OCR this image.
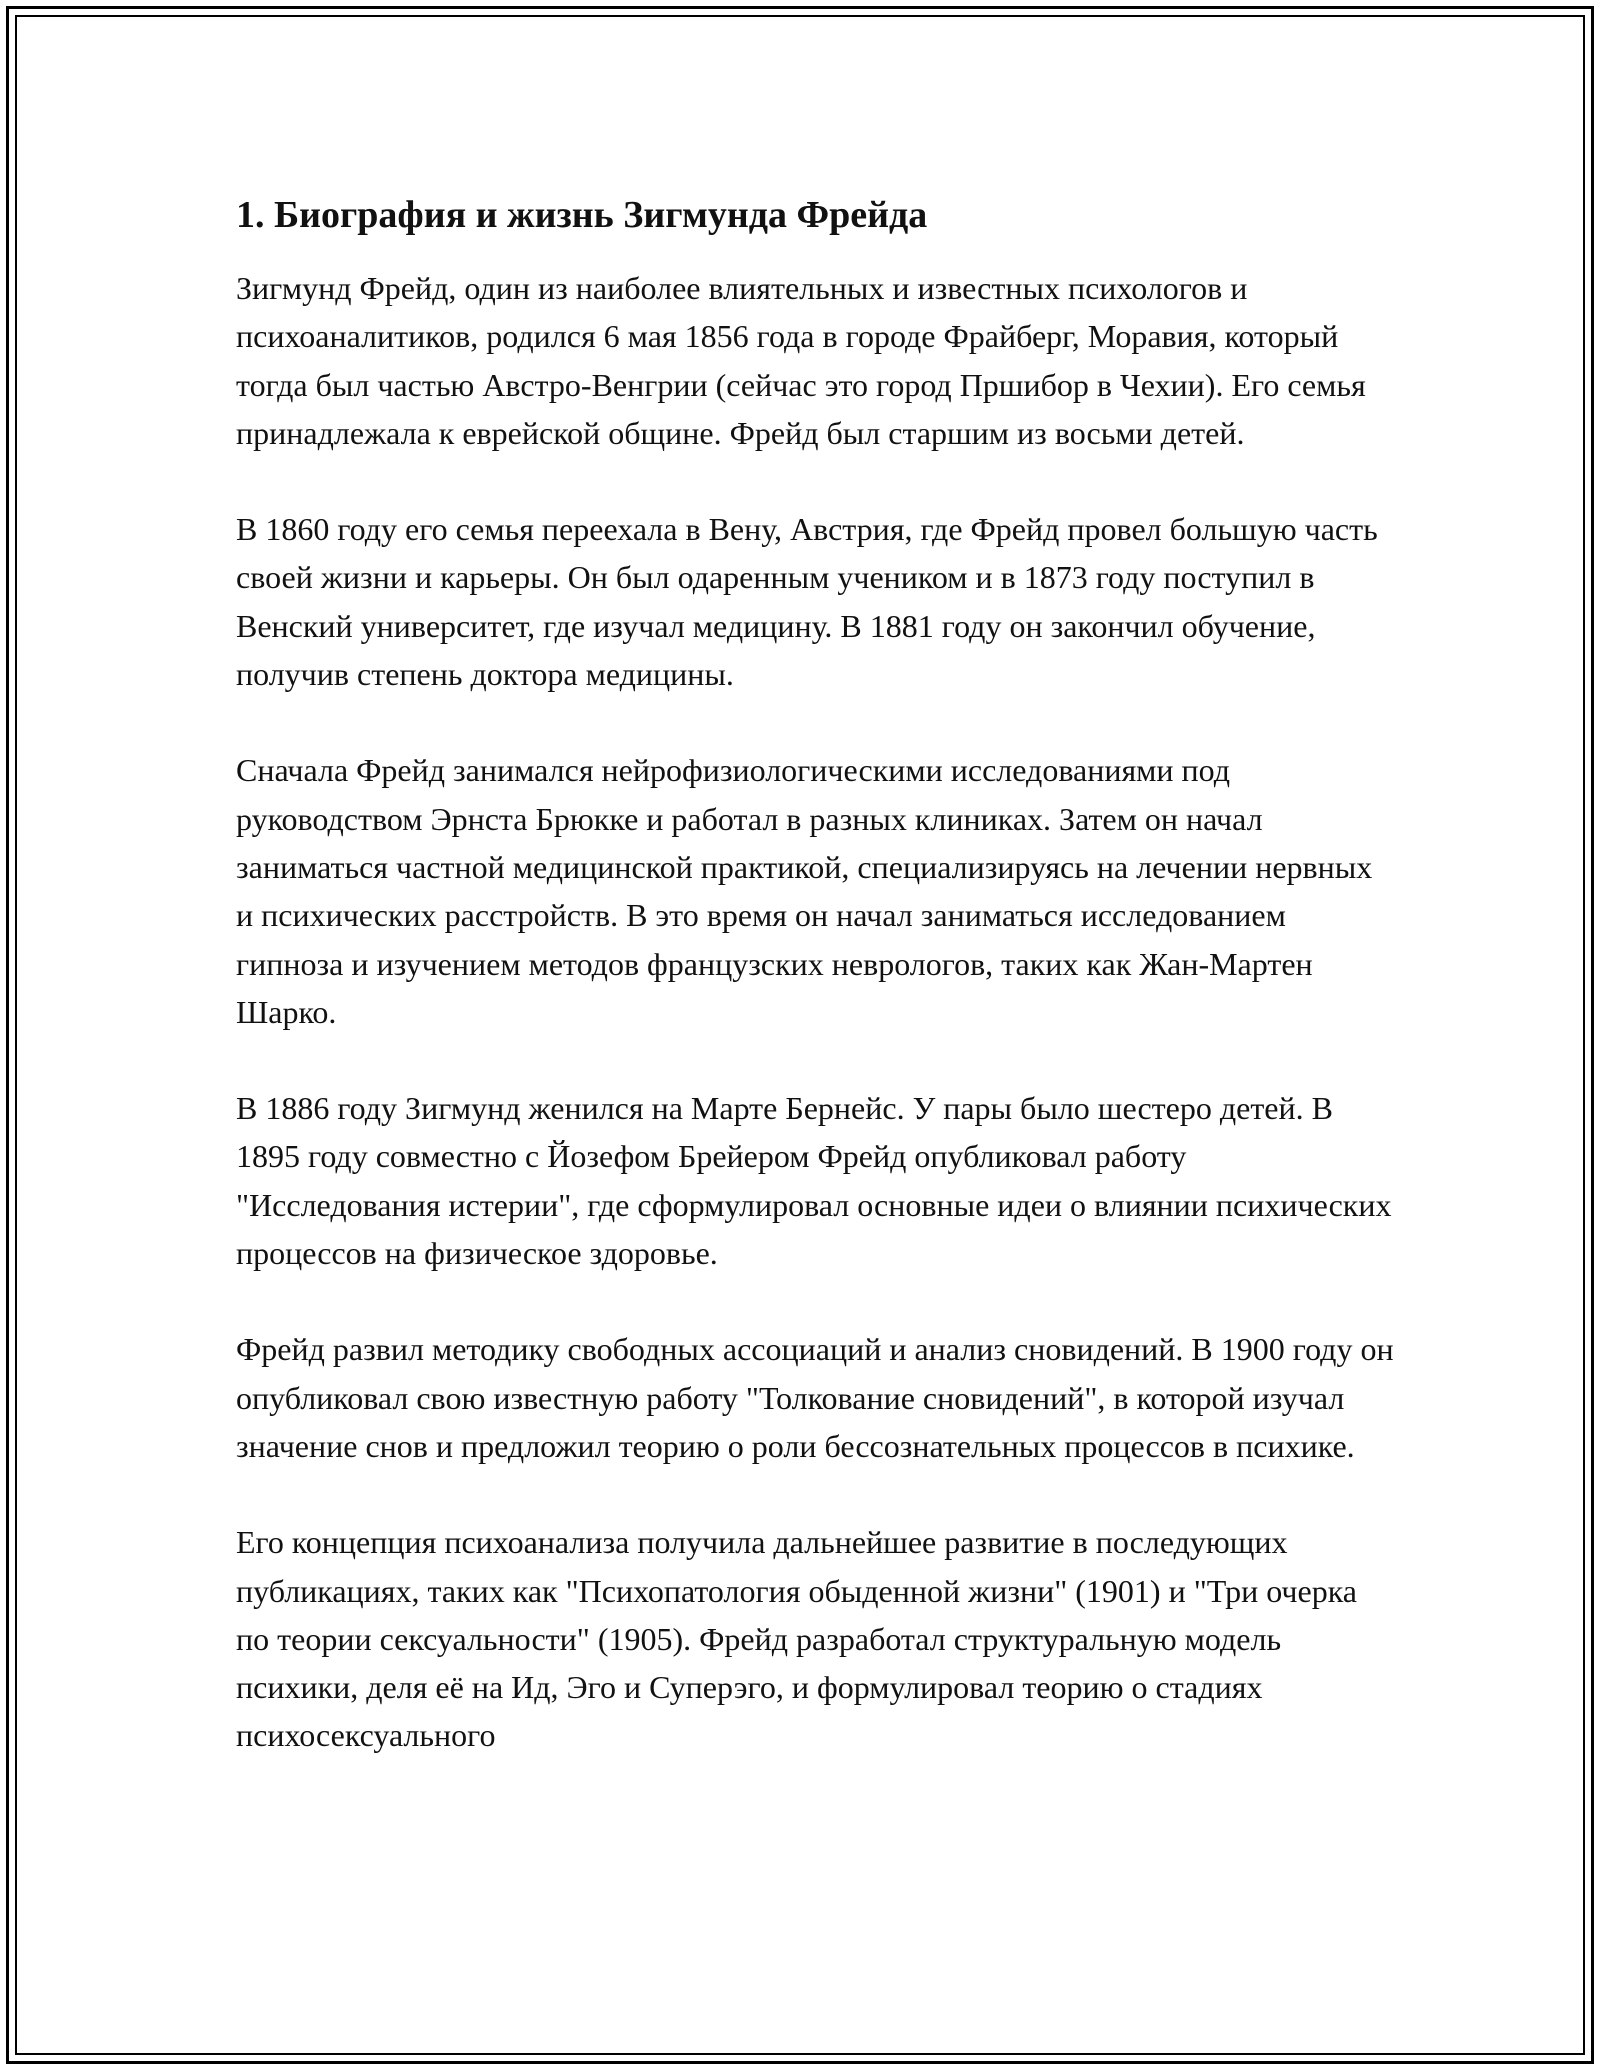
1. Биография и жизнь Зигмунда Фрейда

Зигмунд Фрейд, один из наиболее влиятельных и известных психологов и психоаналитиков, родился 6 мая 1856 года в городе Фрайберг, Моравия, который тогда был частью Австро-Венгрии (сейчас это город Пршибор в Чехии). Его семья принадлежала к еврейской общине. Фрейд был старшим из восьми детей.

В 1860 году его семья переехала в Вену, Австрия, где Фрейд провел большую часть своей жизни и карьеры. Он был одаренным учеником и в 1873 году поступил в Венский университет, где изучал медицину. В 1881 году он закончил обучение, получив степень доктора медицины.

Сначала Фрейд занимался нейрофизиологическими исследованиями под руководством Эрнста Брюкке и работал в разных клиниках. Затем он начал заниматься частной медицинской практикой, специализируясь на лечении нервных и психических расстройств. В это время он начал заниматься исследованием гипноза и изучением методов французских неврологов, таких как Жан-Мартен Шарко.

В 1886 году Зигмунд женился на Марте Бернейс. У пары было шестеро детей. В 1895 году совместно с Йозефом Брейером Фрейд опубликовал работу "Исследования истерии", где сформулировал основные идеи о влиянии психических процессов на физическое здоровье.

Фрейд развил методику свободных ассоциаций и анализ сновидений. В 1900 году он опубликовал свою известную работу "Толкование сновидений", в которой изучал значение снов и предложил теорию о роли бессознательных процессов в психике.

Его концепция психоанализа получила дальнейшее развитие в последующих публикациях, таких как "Психопатология обыденной жизни" (1901) и "Три очерка по теории сексуальности" (1905). Фрейд разработал структуральную модель психики, деля её на Ид, Эго и Суперэго, и формулировал теорию о стадиях психосексуального
